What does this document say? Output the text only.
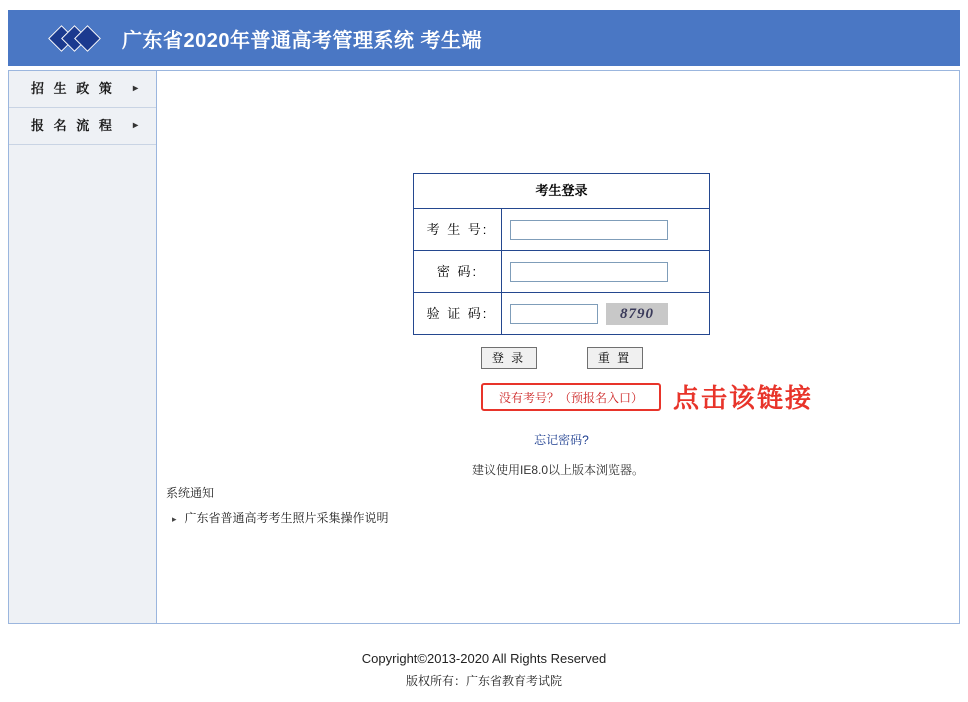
广东省2020年普通高考管理系统 考生端
招 生 政 策 ▸
报 名 流 程 ▸
考生登录
考 生 号:
密 码:
验 证 码:	8790
登 录	重 置
没有考号？（预报名入口） 点击该链接
忘记密码?
建议使用IE8.0以上版本浏览器。
系统通知
▸ 广东省普通高考考生照片采集操作说明
Copyright©2013-2020 All Rights Reserved
版权所有：广东省教育考试院
